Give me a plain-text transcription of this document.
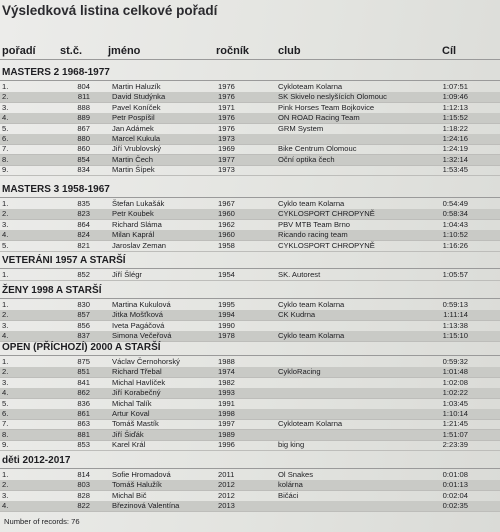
Výsledková listina celkové pořadí
pořadí st.č. jméno	ročník	club	Cíl
MASTERS 2 1968-1977
1.	804	Martin Haluzík	1976	Cykloteam Kolarna	1:07:51
2.	811	David Studýnka	1976	SK Skivelo neslyšících Olomouc	1:09:46
3.	888	Pavel Koníček	1971	Pink Horses Team Bojkovice	1:12:13
4.	889	Petr Pospíšil	1976	ON ROAD Racing Team	1:15:52
5.	867	Jan Adámek	1976	GRM System	1:18:22
6.	880	Marcel Kukula	1973	1:24:16
7.	860	Jiří Vrublovský	1969	Bike Centrum Olomouc	1:24:19
8.	854	Martin Čech	1977	Oční optika čech	1:32:14
9.	834	Martin Šípek	1973	1:53:45
MASTERS 3 1958-1967
1.	835	Štefan Lukašák	1967	Cyklo team Kolarna	0:54:49
2.	823	Petr Koubek	1960	CYKLOSPORT CHROPYNĚ	0:58:34
3.	864	Richard Sláma	1962	PBV MTB Team Brno	1:04:43
4.	824	Milan Kaprál	1960	Ricando racing team	1:10:52
5.	821	Jaroslav Zeman	1958	CYKLOSPORT CHROPYNĚ	1:16:26
VETERÁNI 1957 A STARŠÍ
1.	852	Jiří Šlégr	1954	SK. Autorest	1:05:57
ŽENY 1998 A STARŠÍ
1.	830	Martina Kukulová	1995	Cyklo team Kolarna	0:59:13
2.	857	Jitka Mošťková	1994	CK Kudrna	1:11:14
3.	856	Iveta Pagáčová	1990	1:13:38
4.	837	Simona Večeřová	1978	Cyklo team Kolarna	1:15:10
OPEN (PŘÍCHOZÍ) 2000 A STARŠÍ
1.	875	Václav Černohorský	1988	0:59:32
2.	851	Richard Třebal	1974	CykloRacing	1:01:48
3.	841	Michal Havlíček	1982	1:02:08
4.	862	Jiří Korabečný	1993	1:02:22
5.	836	Michal Talík	1991	1:03:45
6.	861	Artur Koval	1998	1:10:14
7.	863	Tomáš Mastík	1997	Cykloteam Kolarna	1:21:45
8.	881	Jiří Šiďák	1989	1:51:07
9.	853	Karel Král	1996	big king	2:23:39
děti 2012-2017
1.	814	Sofie Hromadová	2011	Ol Snakes	0:01:08
2.	803	Tomáš Halužík	2012	kolárna	0:01:13
3.	828	Michal Bič	2012	Bičáci	0:02:04
4.	822	Březinová Valentína	2013	0:02:35
Number of records: 76
